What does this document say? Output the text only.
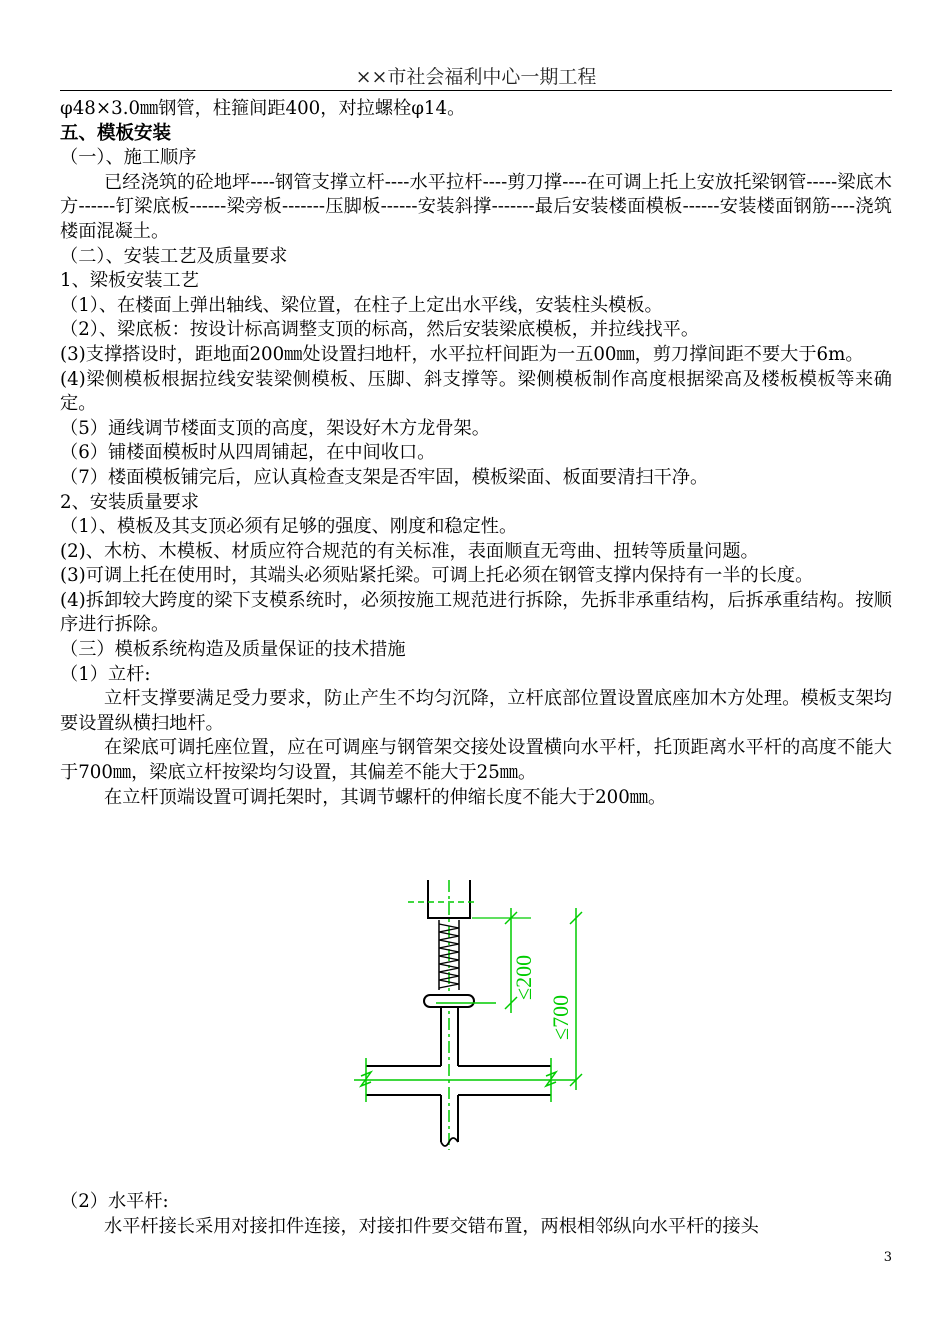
××市社会福利中心一期工程

φ48×3.0㎜钢管，柱箍间距400，对拉螺栓φ14。

五、模板安装

（一）、施工顺序

已经浇筑的砼地坪----钢管支撑立杆----水平拉杆----剪刀撑----在可调上托上安放托梁钢管-----梁底木方------钉梁底板------梁旁板-------压脚板------安装斜撑-------最后安装楼面模板------安装楼面钢筋----浇筑楼面混凝土。

（二）、安装工艺及质量要求

1、梁板安装工艺

（1）、在楼面上弹出轴线、梁位置，在柱子上定出水平线，安装柱头模板。

（2）、梁底板：按设计标高调整支顶的标高，然后安装梁底模板，并拉线找平。

(3)支撑搭设时，距地面200㎜处设置扫地杆，水平拉杆间距为一五00㎜，剪刀撑间距不要大于6m。

(4)梁侧模板根据拉线安装梁侧模板、压脚、斜支撑等。梁侧模板制作高度根据梁高及楼板模板等来确定。

（5）通线调节楼面支顶的高度，架设好木方龙骨架。

（6）铺楼面模板时从四周铺起，在中间收口。

（7）楼面模板铺完后，应认真检查支架是否牢固，模板梁面、板面要清扫干净。

2、安装质量要求

（1）、模板及其支顶必须有足够的强度、刚度和稳定性。

(2)、木枋、木模板、材质应符合规范的有关标准，表面顺直无弯曲、扭转等质量问题。

(3)可调上托在使用时，其端头必须贴紧托梁。可调上托必须在钢管支撑内保持有一半的长度。

(4)拆卸较大跨度的梁下支模系统时，必须按施工规范进行拆除，先拆非承重结构，后拆承重结构。按顺序进行拆除。

（三）模板系统构造及质量保证的技术措施

（1）立杆:

立杆支撑要满足受力要求，防止产生不均匀沉降，立杆底部位置设置底座加木方处理。模板支架均要设置纵横扫地杆。

在梁底可调托座位置，应在可调座与钢管架交接处设置横向水平杆，托顶距离水平杆的高度不能大于700㎜，梁底立杆按梁均匀设置，其偏差不能大于25㎜。

在立杆顶端设置可调托架时，其调节螺杆的伸缩长度不能大于200㎜。

≤200
≤700

（2）水平杆:

水平杆接长采用对接扣件连接，对接扣件要交错布置，两根相邻纵向水平杆的接头

3
